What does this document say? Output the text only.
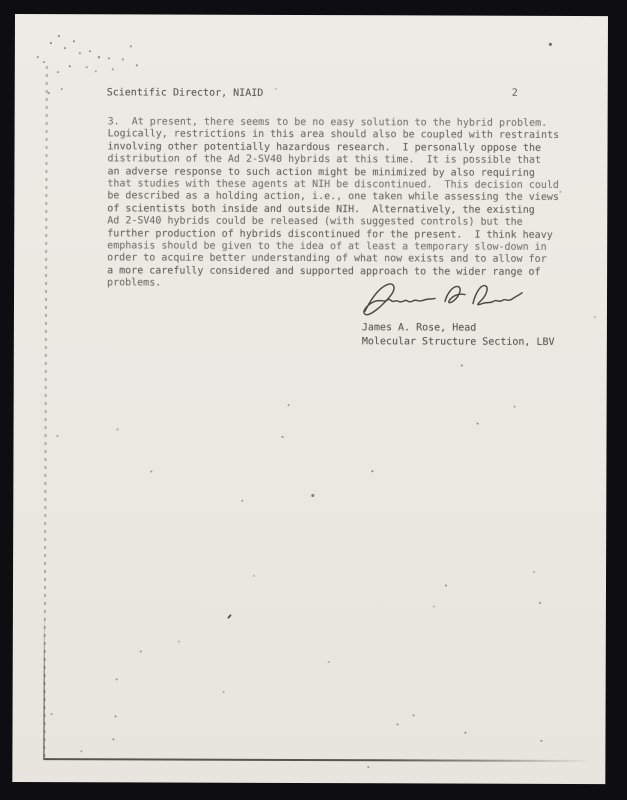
Scientific Director, NIAID	2
3.  At present, there seems to be no easy solution to the hybrid problem.
Logically, restrictions in this area should also be coupled with restraints
involving other potentially hazardous research.  I personally oppose the
distribution of the Ad 2-SV40 hybrids at this time.  It is possible that
an adverse response to such action might be minimized by also requiring
that studies with these agents at NIH be discontinued.  This decision could
be described as a holding action, i.e., one taken while assessing the views
of scientists both inside and outside NIH.  Alternatively, the existing
Ad 2-SV40 hybrids could be released (with suggested controls) but the
further production of hybrids discontinued for the present.  I think heavy
emphasis should be given to the idea of at least a temporary slow-down in
order to acquire better understanding of what now exists and to allow for
a more carefully considered and supported approach to the wider range of
problems.
James A. Rose, Head
Molecular Structure Section, LBV
